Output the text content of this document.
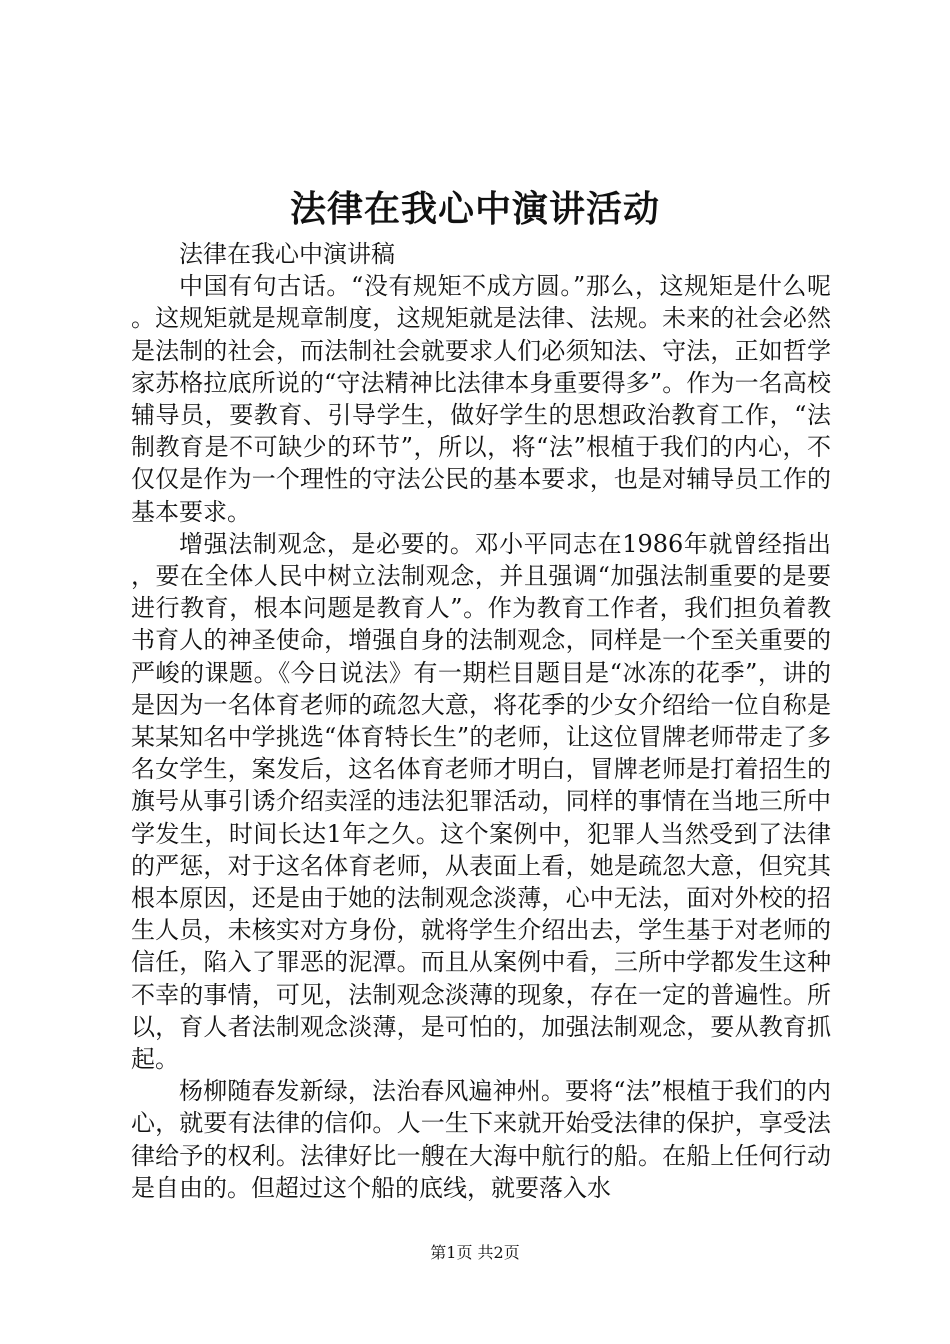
法律在我心中演讲活动

法律在我心中演讲稿

中国有句古话。“没有规矩不成方圆。”那么，这规矩是什么呢。这规矩就是规章制度，这规矩就是法律、法规。未来的社会必然是法制的社会，而法制社会就要求人们必须知法、守法，正如哲学家苏格拉底所说的“守法精神比法律本身重要得多”。作为一名高校辅导员，要教育、引导学生，做好学生的思想政治教育工作，“法制教育是不可缺少的环节”，所以，将“法”根植于我们的内心，不仅仅是作为一个理性的守法公民的基本要求，也是对辅导员工作的基本要求。

增强法制观念，是必要的。邓小平同志在1986年就曾经指出，要在全体人民中树立法制观念，并且强调“加强法制重要的是要进行教育，根本问题是教育人”。作为教育工作者，我们担负着教书育人的神圣使命，增强自身的法制观念，同样是一个至关重要的严峻的课题。《今日说法》有一期栏目题目是“冰冻的花季”，讲的是因为一名体育老师的疏忽大意，将花季的少女介绍给一位自称是某某知名中学挑选“体育特长生”的老师，让这位冒牌老师带走了多名女学生，案发后，这名体育老师才明白，冒牌老师是打着招生的旗号从事引诱介绍卖淫的违法犯罪活动，同样的事情在当地三所中学发生，时间长达1年之久。这个案例中，犯罪人当然受到了法律的严惩，对于这名体育老师，从表面上看，她是疏忽大意，但究其根本原因，还是由于她的法制观念淡薄，心中无法，面对外校的招生人员，未核实对方身份，就将学生介绍出去，学生基于对老师的信任，陷入了罪恶的泥潭。而且从案例中看，三所中学都发生这种不幸的事情，可见，法制观念淡薄的现象，存在一定的普遍性。所以，育人者法制观念淡薄，是可怕的，加强法制观念，要从教育抓起。

杨柳随春发新绿，法治春风遍神州。要将“法”根植于我们的内心，就要有法律的信仰。人一生下来就开始受法律的保护，享受法律给予的权利。法律好比一艘在大海中航行的船。在船上任何行动是自由的。但超过这个船的底线，就要落入水

第1页 共2页
